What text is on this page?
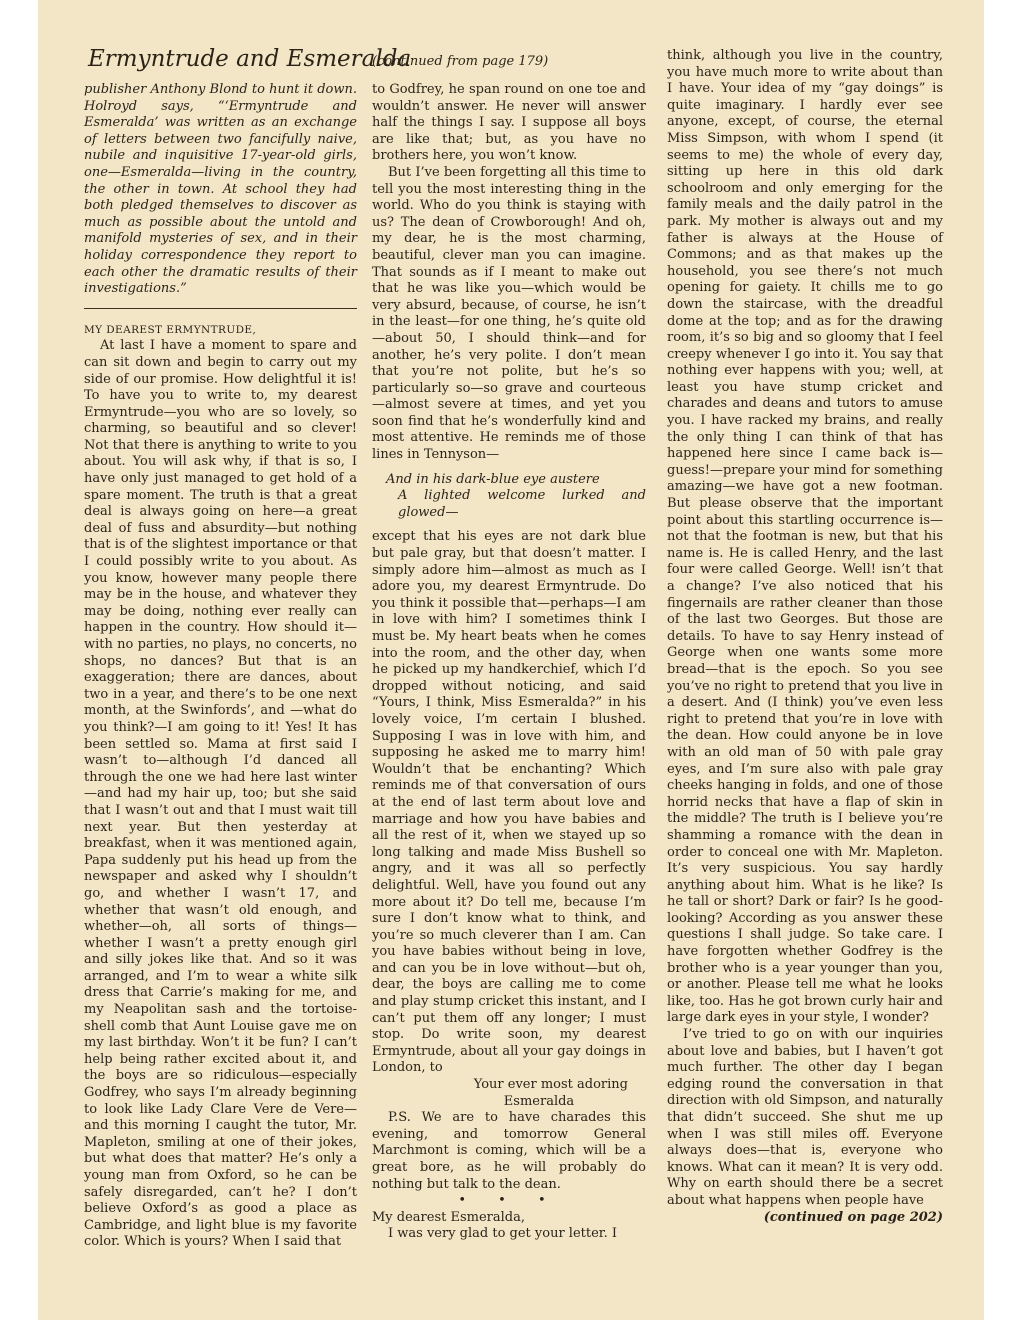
Ermyntrude and Esmeralda
(continued from page 179)

publisher Anthony Blond to hunt it down. Holroyd says, “‘Ermyntrude and Esmeralda’ was written as an exchange of letters between two fancifully naive, nubile and inquisitive 17-year-old girls, one—Esmeralda—living in the country, the other in town. At school they had both pledged themselves to discover as much as possible about the untold and manifold mysteries of sex, and in their holiday correspondence they report to each other the dramatic results of their investigations.”

MY DEAREST ERMYNTRUDE,

At last I have a moment to spare and can sit down and begin to carry out my side of our promise. How delightful it is! To have you to write to, my dearest Ermyntrude—you who are so lovely, so charming, so beautiful and so clever! Not that there is anything to write to you about. You will ask why, if that is so, I have only just managed to get hold of a spare moment. The truth is that a great deal is always going on here—a great deal of fuss and absurdity—but nothing that is of the slightest importance or that I could possibly write to you about. As you know, however many people there may be in the house, and whatever they may be doing, nothing ever really can happen in the country. How should it—with no parties, no plays, no concerts, no shops, no dances? But that is an exaggeration; there are dances, about two in a year, and there’s to be one next month, at the Swinfords’, and —what do you think?—I am going to it! Yes! It has been settled so. Mama at first said I wasn’t to—although I’d danced all through the one we had here last winter—and had my hair up, too; but she said that I wasn’t out and that I must wait till next year. But then yesterday at breakfast, when it was mentioned again, Papa suddenly put his head up from the newspaper and asked why I shouldn’t go, and whether I wasn’t 17, and whether that wasn’t old enough, and whether—oh, all sorts of things—whether I wasn’t a pretty enough girl and silly jokes like that. And so it was arranged, and I’m to wear a white silk dress that Carrie’s making for me, and my Neapolitan sash and the tortoise-shell comb that Aunt Louise gave me on my last birthday. Won’t it be fun? I can’t help being rather excited about it, and the boys are so ridiculous—especially Godfrey, who says I’m already beginning to look like Lady Clare Vere de Vere—and this morning I caught the tutor, Mr. Mapleton, smiling at one of their jokes, but what does that matter? He’s only a young man from Oxford, so he can be safely disregarded, can’t he? I don’t believe Oxford’s as good a place as Cambridge, and light blue is my favorite color. Which is yours? When I said that

to Godfrey, he span round on one toe and wouldn’t answer. He never will answer half the things I say. I suppose all boys are like that; but, as you have no brothers here, you won’t know.

But I’ve been forgetting all this time to tell you the most interesting thing in the world. Who do you think is staying with us? The dean of Crowborough! And oh, my dear, he is the most charming, beautiful, clever man you can imagine. That sounds as if I meant to make out that he was like you—which would be very absurd, because, of course, he isn’t in the least—for one thing, he’s quite old—about 50, I should think—and for another, he’s very polite. I don’t mean that you’re not polite, but he’s so particularly so—so grave and courteous —almost severe at times, and yet you soon find that he’s wonderfully kind and most attentive. He reminds me of those lines in Tennyson—

And in his dark-blue eye austere
A lighted welcome lurked and glowed—

except that his eyes are not dark blue but pale gray, but that doesn’t matter. I simply adore him—almost as much as I adore you, my dearest Ermyntrude. Do you think it possible that—perhaps—I am in love with him? I sometimes think I must be. My heart beats when he comes into the room, and the other day, when he picked up my handkerchief, which I’d dropped without noticing, and said “Yours, I think, Miss Esmeralda?” in his lovely voice, I’m certain I blushed. Supposing I was in love with him, and supposing he asked me to marry him! Wouldn’t that be enchanting? Which reminds me of that conversation of ours at the end of last term about love and marriage and how you have babies and all the rest of it, when we stayed up so long talking and made Miss Bushell so angry, and it was all so perfectly delightful. Well, have you found out any more about it? Do tell me, because I’m sure I don’t know what to think, and you’re so much cleverer than I am. Can you have babies without being in love, and can you be in love without—but oh, dear, the boys are calling me to come and play stump cricket this instant, and I can’t put them off any longer; I must stop. Do write soon, my dearest Ermyntrude, about all your gay doings in London, to

Your ever most adoring

Esmeralda

P.S. We are to have charades this evening, and tomorrow General Marchmont is coming, which will be a great bore, as he will probably do nothing but talk to the dean.

• • •

My dearest Esmeralda,

I was very glad to get your letter. I

think, although you live in the country, you have much more to write about than I have. Your idea of my “gay doings” is quite imaginary. I hardly ever see anyone, except, of course, the eternal Miss Simpson, with whom I spend (it seems to me) the whole of every day, sitting up here in this old dark schoolroom and only emerging for the family meals and the daily patrol in the park. My mother is always out and my father is always at the House of Commons; and as that makes up the household, you see there’s not much opening for gaiety. It chills me to go down the staircase, with the dreadful dome at the top; and as for the drawing room, it’s so big and so gloomy that I feel creepy whenever I go into it. You say that nothing ever happens with you; well, at least you have stump cricket and charades and deans and tutors to amuse you. I have racked my brains, and really the only thing I can think of that has happened here since I came back is—guess!—prepare your mind for something amazing—we have got a new footman. But please observe that the important point about this startling occurrence is—not that the footman is new, but that his name is. He is called Henry, and the last four were called George. Well! isn’t that a change? I’ve also noticed that his fingernails are rather cleaner than those of the last two Georges. But those are details. To have to say Henry instead of George when one wants some more bread—that is the epoch. So you see you’ve no right to pretend that you live in a desert. And (I think) you’ve even less right to pretend that you’re in love with the dean. How could anyone be in love with an old man of 50 with pale gray eyes, and I’m sure also with pale gray cheeks hanging in folds, and one of those horrid necks that have a flap of skin in the middle? The truth is I believe you’re shamming a romance with the dean in order to conceal one with Mr. Mapleton. It’s very suspicious. You say hardly anything about him. What is he like? Is he tall or short? Dark or fair? Is he good-looking? According as you answer these questions I shall judge. So take care. I have forgotten whether Godfrey is the brother who is a year younger than you, or another. Please tell me what he looks like, too. Has he got brown curly hair and large dark eyes in your style, I wonder?

I’ve tried to go on with our inquiries about love and babies, but I haven’t got much further. The other day I began edging round the conversation in that direction with old Simpson, and naturally that didn’t succeed. She shut me up when I was still miles off. Everyone always does—that is, everyone who knows. What can it mean? It is very odd. Why on earth should there be a secret about what happens when people have

(continued on page 202)
